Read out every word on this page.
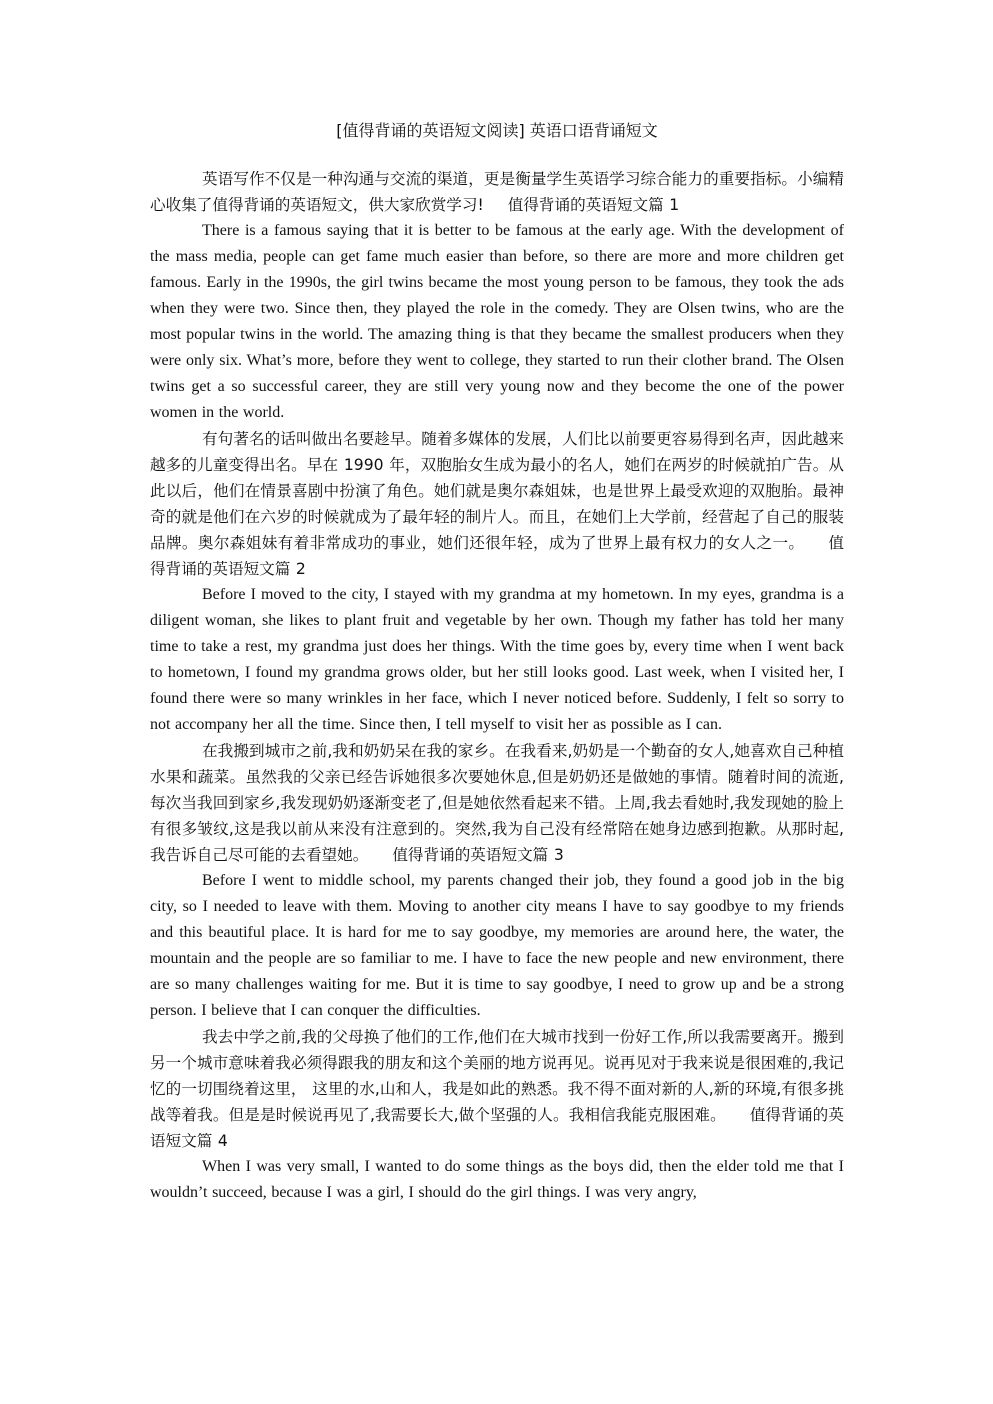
[值得背诵的英语短文阅读] 英语口语背诵短文

英语写作不仅是一种沟通与交流的渠道，更是衡量学生英语学习综合能力的重要指标。小编精心收集了值得背诵的英语短文，供大家欣赏学习! 值得背诵的英语短文篇 1

There is a famous saying that it is better to be famous at the early age. With the development of the mass media, people can get fame much easier than before, so there are more and more children get famous. Early in the 1990s, the girl twins became the most young person to be famous, they took the ads when they were two. Since then, they played the role in the comedy. They are Olsen twins, who are the most popular twins in the world. The amazing thing is that they became the smallest producers when they were only six. What’s more, before they went to college, they started to run their clother brand. The Olsen twins get a so successful career, they are still very young now and they become the one of the power women in the world.

有句著名的话叫做出名要趁早。随着多媒体的发展，人们比以前要更容易得到名声，因此越来越多的儿童变得出名。早在 1990 年，双胞胎女生成为最小的名人，她们在两岁的时候就拍广告。从此以后，他们在情景喜剧中扮演了角色。她们就是奥尔森姐妹，也是世界上最受欢迎的双胞胎。最神奇的就是他们在六岁的时候就成为了最年轻的制片人。而且，在她们上大学前，经营起了自己的服装品牌。奥尔森姐妹有着非常成功的事业，她们还很年轻，成为了世界上最有权力的女人之一。 值得背诵的英语短文篇 2

Before I moved to the city, I stayed with my grandma at my hometown. In my eyes, grandma is a diligent woman, she likes to plant fruit and vegetable by her own. Though my father has told her many time to take a rest, my grandma just does her things. With the time goes by, every time when I went back to hometown, I found my grandma grows older, but her still looks good. Last week, when I visited her, I found there were so many wrinkles in her face, which I never noticed before. Suddenly, I felt so sorry to not accompany her all the time. Since then, I tell myself to visit her as possible as I can.

在我搬到城市之前,我和奶奶呆在我的家乡。在我看来,奶奶是一个勤奋的女人,她喜欢自己种植水果和蔬菜。虽然我的父亲已经告诉她很多次要她休息,但是奶奶还是做她的事情。随着时间的流逝,每次当我回到家乡,我发现奶奶逐渐变老了,但是她依然看起来不错。上周,我去看她时,我发现她的脸上有很多皱纹,这是我以前从来没有注意到的。突然,我为自己没有经常陪在她身边感到抱歉。从那时起,我告诉自己尽可能的去看望她。 值得背诵的英语短文篇 3

Before I went to middle school, my parents changed their job, they found a good job in the big city, so I needed to leave with them. Moving to another city means I have to say goodbye to my friends and this beautiful place. It is hard for me to say goodbye, my memories are around here, the water, the mountain and the people are so familiar to me. I have to face the new people and new environment, there are so many challenges waiting for me. But it is time to say goodbye, I need to grow up and be a strong person. I believe that I can conquer the difficulties.

我去中学之前,我的父母换了他们的工作,他们在大城市找到一份好工作,所以我需要离开。搬到另一个城市意味着我必须得跟我的朋友和这个美丽的地方说再见。说再见对于我来说是很困难的,我记忆的一切围绕着这里， 这里的水,山和人，我是如此的熟悉。我不得不面对新的人,新的环境,有很多挑战等着我。但是是时候说再见了,我需要长大,做个坚强的人。我相信我能克服困难。 值得背诵的英语短文篇 4

When I was very small, I wanted to do some things as the boys did, then the elder told me that I wouldn’t succeed, because I was a girl, I should do the girl things. I was very angry,
